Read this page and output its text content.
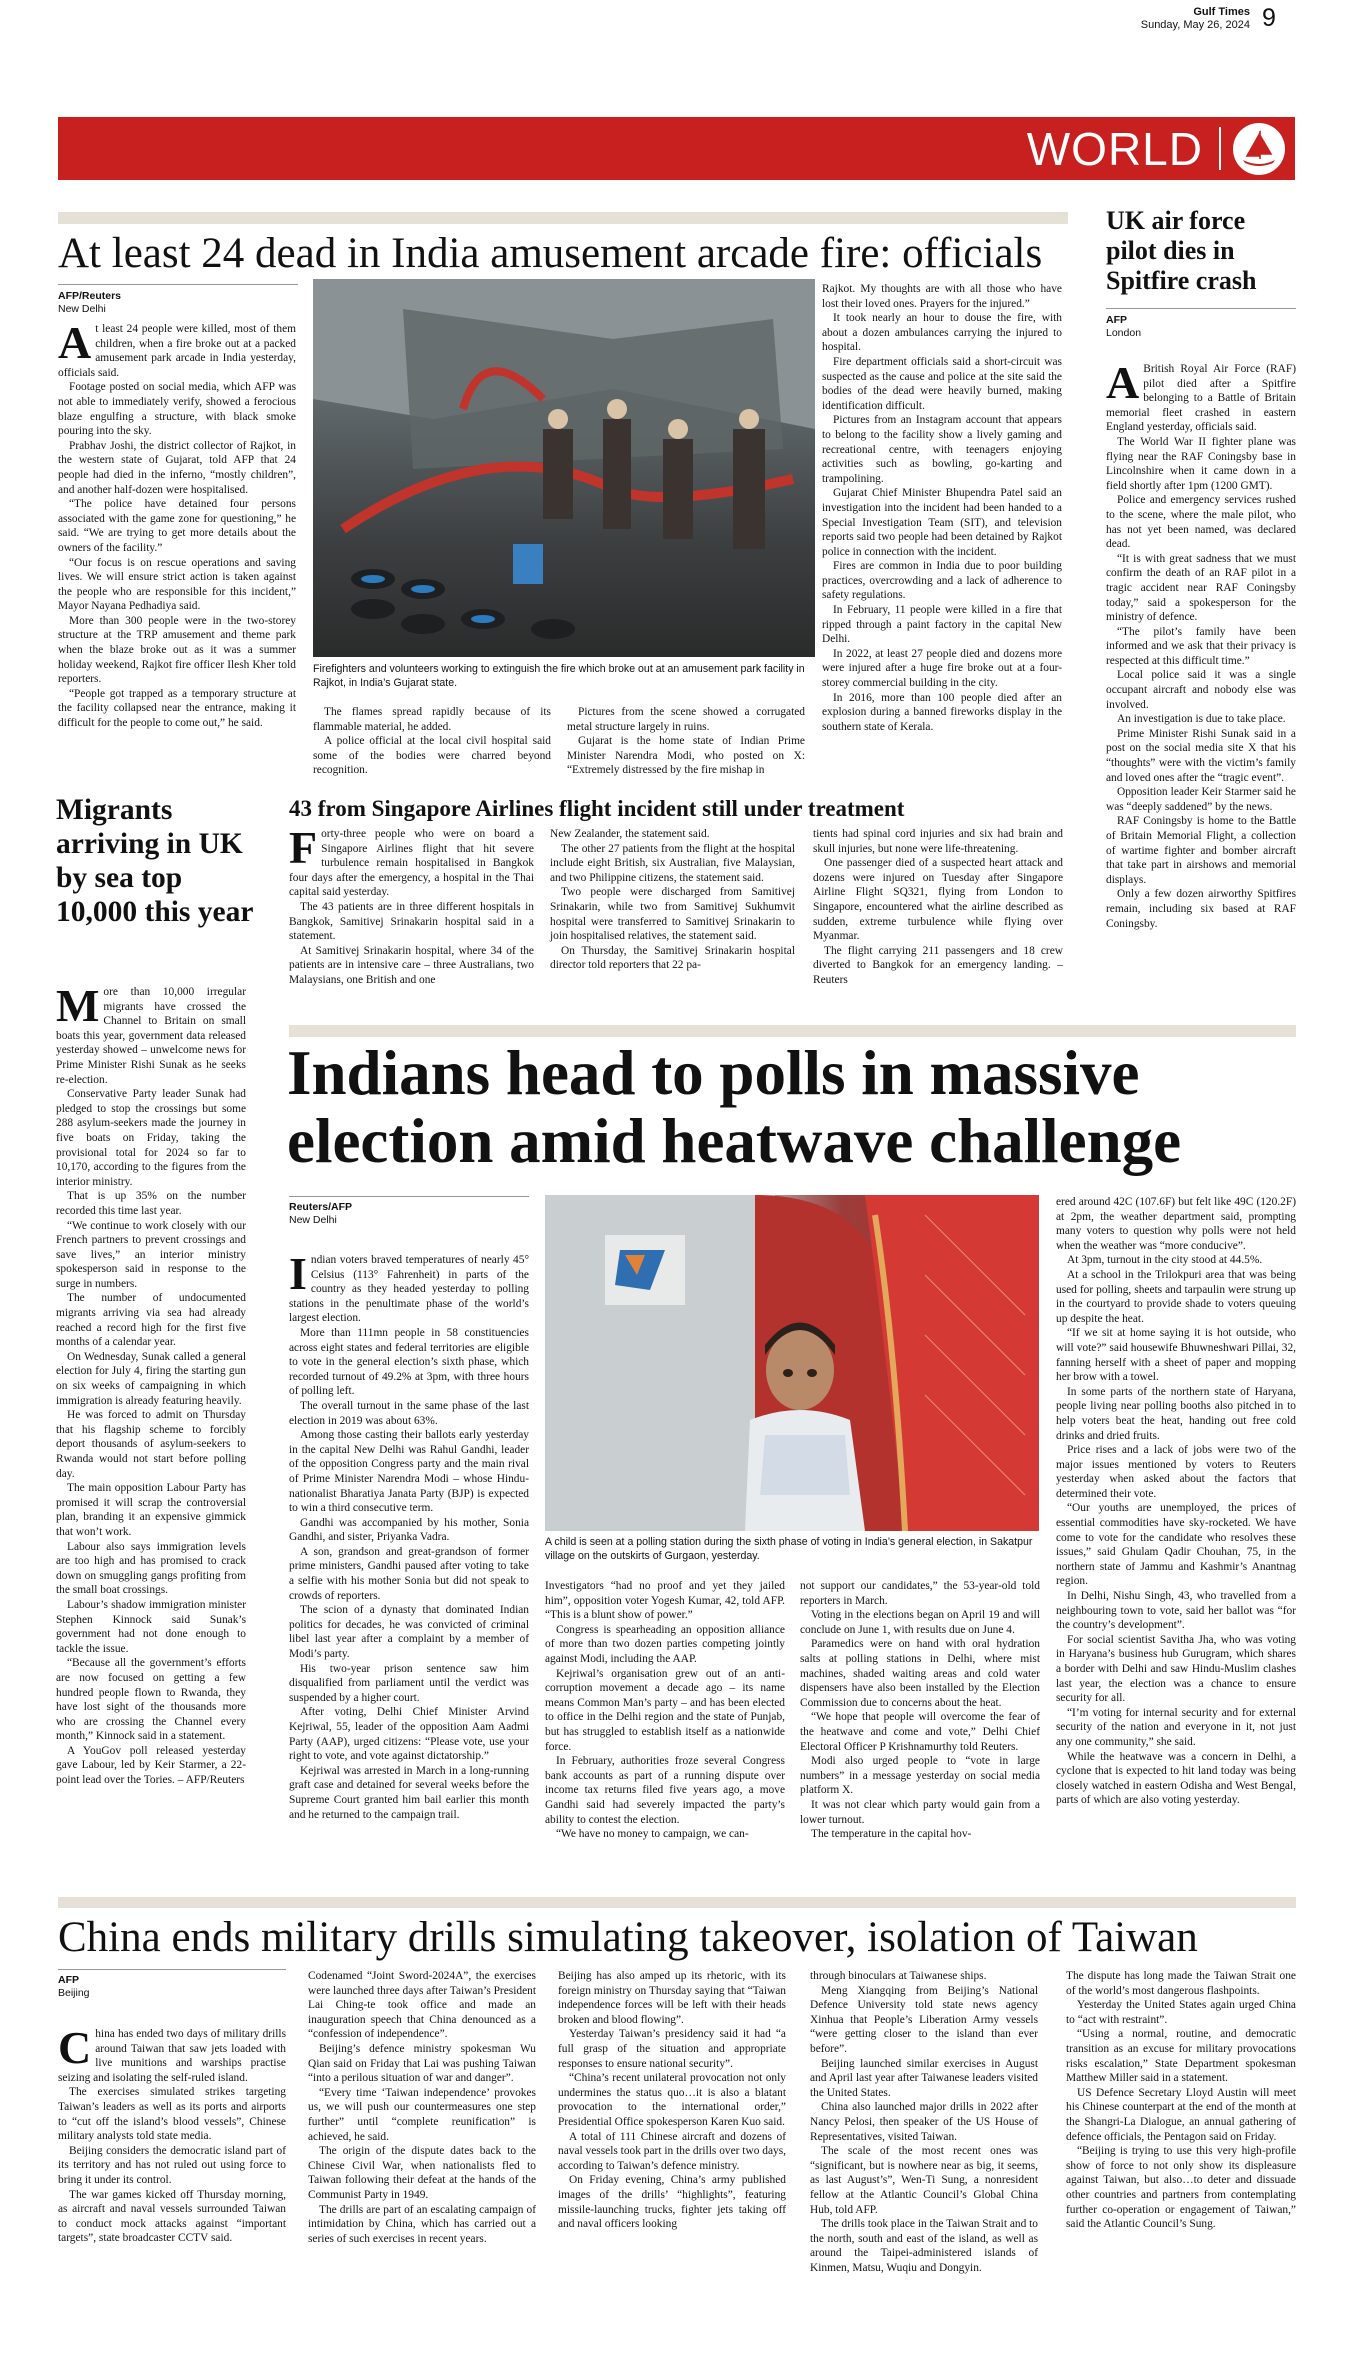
Gulf Times
Sunday, May 26, 2024 9
WORLD
At least 24 dead in India amusement arcade fire: officials
AFP/Reuters
New Delhi

At least 24 people were killed, most of them children, when a fire broke out at a packed amusement park arcade in India yesterday, officials said.

Footage posted on social media, which AFP was not able to immediately verify, showed a ferocious blaze engulfing a structure, with black smoke pouring into the sky.

Prabhav Joshi, the district collector of Rajkot, in the western state of Gujarat, told AFP that 24 people had died in the inferno, “mostly children”, and another half-dozen were hospitalised.

“The police have detained four persons associated with the game zone for questioning,” he said. “We are trying to get more details about the owners of the facility.”

“Our focus is on rescue operations and saving lives. We will ensure strict action is taken against the people who are responsible for this incident,” Mayor Nayana Pedhadiya said.

More than 300 people were in the two-storey structure at the TRP amusement and theme park when the blaze broke out as it was a summer holiday weekend, Rajkot fire officer Ilesh Kher told reporters.

“People got trapped as a temporary structure at the facility collapsed near the entrance, making it difficult for the people to come out,” he said.

Firefighters and volunteers working to extinguish the fire which broke out at an amusement park facility in Rajkot, in India’s Gujarat state.

The flames spread rapidly because of its flammable material, he added.

A police official at the local civil hospital said some of the bodies were charred beyond recognition.

Pictures from the scene showed a corrugated metal structure largely in ruins.

Gujarat is the home state of Indian Prime Minister Narendra Modi, who posted on X: “Extremely distressed by the fire mishap in

Rajkot. My thoughts are with all those who have lost their loved ones. Prayers for the injured.”

It took nearly an hour to douse the fire, with about a dozen ambulances carrying the injured to hospital.

Fire department officials said a short-circuit was suspected as the cause and police at the site said the bodies of the dead were heavily burned, making identification difficult.

Pictures from an Instagram account that appears to belong to the facility show a lively gaming and recreational centre, with teenagers enjoying activities such as bowling, go-karting and trampolining.

Gujarat Chief Minister Bhupendra Patel said an investigation into the incident had been handed to a Special Investigation Team (SIT), and television reports said two people had been detained by Rajkot police in connection with the incident.

Fires are common in India due to poor building practices, overcrowding and a lack of adherence to safety regulations.

In February, 11 people were killed in a fire that ripped through a paint factory in the capital New Delhi.

In 2022, at least 27 people died and dozens more were injured after a huge fire broke out at a four-storey commercial building in the city.

In 2016, more than 100 people died after an explosion during a banned fireworks display in the southern state of Kerala.

UK air force pilot dies in Spitfire crash
AFP
London

A British Royal Air Force (RAF) pilot died after a Spitfire belonging to a Battle of Britain memorial fleet crashed in eastern England yesterday, officials said.

The World War II fighter plane was flying near the RAF Coningsby base in Lincolnshire when it came down in a field shortly after 1pm (1200 GMT).

Police and emergency services rushed to the scene, where the male pilot, who has not yet been named, was declared dead.

“It is with great sadness that we must confirm the death of an RAF pilot in a tragic accident near RAF Coningsby today,” said a spokesperson for the ministry of defence.

“The pilot’s family have been informed and we ask that their privacy is respected at this difficult time.”

Local police said it was a single occupant aircraft and nobody else was involved.

An investigation is due to take place.

Prime Minister Rishi Sunak said in a post on the social media site X that his “thoughts” were with the victim’s family and loved ones after the “tragic event”.

Opposition leader Keir Starmer said he was “deeply saddened” by the news.

RAF Coningsby is home to the Battle of Britain Memorial Flight, a collection of wartime fighter and bomber aircraft that take part in airshows and memorial displays.

Only a few dozen airworthy Spitfires remain, including six based at RAF Coningsby.

Migrants arriving in UK by sea top 10,000 this year

More than 10,000 irregular migrants have crossed the Channel to Britain on small boats this year, government data released yesterday showed – unwelcome news for Prime Minister Rishi Sunak as he seeks re-election.

Conservative Party leader Sunak had pledged to stop the crossings but some 288 asylum-seekers made the journey in five boats on Friday, taking the provisional total for 2024 so far to 10,170, according to the figures from the interior ministry.

That is up 35% on the number recorded this time last year.

“We continue to work closely with our French partners to prevent crossings and save lives,” an interior ministry spokesperson said in response to the surge in numbers.

The number of undocumented migrants arriving via sea had already reached a record high for the first five months of a calendar year.

On Wednesday, Sunak called a general election for July 4, firing the starting gun on six weeks of campaigning in which immigration is already featuring heavily.

He was forced to admit on Thursday that his flagship scheme to forcibly deport thousands of asylum-seekers to Rwanda would not start before polling day.

The main opposition Labour Party has promised it will scrap the controversial plan, branding it an expensive gimmick that won’t work.

Labour also says immigration levels are too high and has promised to crack down on smuggling gangs profiting from the small boat crossings.

Labour’s shadow immigration minister Stephen Kinnock said Sunak’s government had not done enough to tackle the issue.

“Because all the government’s efforts are now focused on getting a few hundred people flown to Rwanda, they have lost sight of the thousands more who are crossing the Channel every month,” Kinnock said in a statement.

A YouGov poll released yesterday gave Labour, led by Keir Starmer, a 22-point lead over the Tories. – AFP/Reuters

43 from Singapore Airlines flight incident still under treatment

Forty-three people who were on board a Singapore Airlines flight that hit severe turbulence remain hospitalised in Bangkok four days after the emergency, a hospital in the Thai capital said yesterday.

The 43 patients are in three different hospitals in Bangkok, Samitivej Srinakarin hospital said in a statement.

At Samitivej Srinakarin hospital, where 34 of the patients are in intensive care – three Australians, two Malaysians, one British and one

New Zealander, the statement said.

The other 27 patients from the flight at the hospital include eight British, six Australian, five Malaysian, and two Philippine citizens, the statement said.

Two people were discharged from Samitivej Srinakarin, while two from Samitivej Sukhumvit hospital were transferred to Samitivej Srinakarin to join hospitalised relatives, the statement said.

On Thursday, the Samitivej Srinakarin hospital director told reporters that 22 pa-

tients had spinal cord injuries and six had brain and skull injuries, but none were life-threatening.

One passenger died of a suspected heart attack and dozens were injured on Tuesday after Singapore Airline Flight SQ321, flying from London to Singapore, encountered what the airline described as sudden, extreme turbulence while flying over Myanmar.

The flight carrying 211 passengers and 18 crew diverted to Bangkok for an emergency landing. – Reuters

Indians head to polls in massive
election amid heatwave challenge
Reuters/AFP
New Delhi

Indian voters braved temperatures of nearly 45° Celsius (113° Fahrenheit) in parts of the country as they headed yesterday to polling stations in the penultimate phase of the world’s largest election.

More than 111mn people in 58 constituencies across eight states and federal territories are eligible to vote in the general election’s sixth phase, which recorded turnout of 49.2% at 3pm, with three hours of polling left.

The overall turnout in the same phase of the last election in 2019 was about 63%.

Among those casting their ballots early yesterday in the capital New Delhi was Rahul Gandhi, leader of the opposition Congress party and the main rival of Prime Minister Narendra Modi – whose Hindu-nationalist Bharatiya Janata Party (BJP) is expected to win a third consecutive term.

Gandhi was accompanied by his mother, Sonia Gandhi, and sister, Priyanka Vadra.

A son, grandson and great-grandson of former prime ministers, Gandhi paused after voting to take a selfie with his mother Sonia but did not speak to crowds of reporters.

The scion of a dynasty that dominated Indian politics for decades, he was convicted of criminal libel last year after a complaint by a member of Modi’s party.

His two-year prison sentence saw him disqualified from parliament until the verdict was suspended by a higher court.

After voting, Delhi Chief Minister Arvind Kejriwal, 55, leader of the opposition Aam Aadmi Party (AAP), urged citizens: “Please vote, use your right to vote, and vote against dictatorship.”

Kejriwal was arrested in March in a long-running graft case and detained for several weeks before the Supreme Court granted him bail earlier this month and he returned to the campaign trail.

A child is seen at a polling station during the sixth phase of voting in India’s general election, in Sakatpur village on the outskirts of Gurgaon, yesterday.

Investigators “had no proof and yet they jailed him”, opposition voter Yogesh Kumar, 42, told AFP. “This is a blunt show of power.”

Congress is spearheading an opposition alliance of more than two dozen parties competing jointly against Modi, including the AAP.

Kejriwal’s organisation grew out of an anti-corruption movement a decade ago – its name means Common Man’s party – and has been elected to office in the Delhi region and the state of Punjab, but has struggled to establish itself as a nationwide force.

In February, authorities froze several Congress bank accounts as part of a running dispute over income tax returns filed five years ago, a move Gandhi said had severely impacted the party’s ability to contest the election.

“We have no money to campaign, we can-

not support our candidates,” the 53-year-old told reporters in March.

Voting in the elections began on April 19 and will conclude on June 1, with results due on June 4.

Paramedics were on hand with oral hydration salts at polling stations in Delhi, where mist machines, shaded waiting areas and cold water dispensers have also been installed by the Election Commission due to concerns about the heat.

“We hope that people will overcome the fear of the heatwave and come and vote,” Delhi Chief Electoral Officer P Krishnamurthy told Reuters.

Modi also urged people to “vote in large numbers” in a message yesterday on social media platform X.

It was not clear which party would gain from a lower turnout.

The temperature in the capital hov-

ered around 42C (107.6F) but felt like 49C (120.2F) at 2pm, the weather department said, prompting many voters to question why polls were not held when the weather was “more conducive”.

At 3pm, turnout in the city stood at 44.5%.

At a school in the Trilokpuri area that was being used for polling, sheets and tarpaulin were strung up in the courtyard to provide shade to voters queuing up despite the heat.

“If we sit at home saying it is hot outside, who will vote?” said housewife Bhuwneshwari Pillai, 32, fanning herself with a sheet of paper and mopping her brow with a towel.

In some parts of the northern state of Haryana, people living near polling booths also pitched in to help voters beat the heat, handing out free cold drinks and dried fruits.

Price rises and a lack of jobs were two of the major issues mentioned by voters to Reuters yesterday when asked about the factors that determined their vote.

“Our youths are unemployed, the prices of essential commodities have sky-rocketed. We have come to vote for the candidate who resolves these issues,” said Ghulam Qadir Chouhan, 75, in the northern state of Jammu and Kashmir’s Anantnag region.

In Delhi, Nishu Singh, 43, who travelled from a neighbouring town to vote, said her ballot was “for the country’s development”.

For social scientist Savitha Jha, who was voting in Haryana’s business hub Gurugram, which shares a border with Delhi and saw Hindu-Muslim clashes last year, the election was a chance to ensure security for all.

“I’m voting for internal security and for external security of the nation and everyone in it, not just any one community,” she said.

While the heatwave was a concern in Delhi, a cyclone that is expected to hit land today was being closely watched in eastern Odisha and West Bengal, parts of which are also voting yesterday.

China ends military drills simulating takeover, isolation of Taiwan
AFP
Beijing

China has ended two days of military drills around Taiwan that saw jets loaded with live munitions and warships practise seizing and isolating the self-ruled island.

The exercises simulated strikes targeting Taiwan’s leaders as well as its ports and airports to “cut off the island’s blood vessels”, Chinese military analysts told state media.

Beijing considers the democratic island part of its territory and has not ruled out using force to bring it under its control.

The war games kicked off Thursday morning, as aircraft and naval vessels surrounded Taiwan to conduct mock attacks against “important targets”, state broadcaster CCTV said.

Codenamed “Joint Sword-2024A”, the exercises were launched three days after Taiwan’s President Lai Ching-te took office and made an inauguration speech that China denounced as a “confession of independence”.

Beijing’s defence ministry spokesman Wu Qian said on Friday that Lai was pushing Taiwan “into a perilous situation of war and danger”.

“Every time ‘Taiwan independence’ provokes us, we will push our countermeasures one step further” until “complete reunification” is achieved, he said.

The origin of the dispute dates back to the Chinese Civil War, when nationalists fled to Taiwan following their defeat at the hands of the Communist Party in 1949.

The drills are part of an escalating campaign of intimidation by China, which has carried out a series of such exercises in recent years.

Beijing has also amped up its rhetoric, with its foreign ministry on Thursday saying that “Taiwan independence forces will be left with their heads broken and blood flowing”.

Yesterday Taiwan’s presidency said it had “a full grasp of the situation and appropriate responses to ensure national security”.

“China’s recent unilateral provocation not only undermines the status quo…it is also a blatant provocation to the international order,” Presidential Office spokesperson Karen Kuo said.

A total of 111 Chinese aircraft and dozens of naval vessels took part in the drills over two days, according to Taiwan’s defence ministry.

On Friday evening, China’s army published images of the drills’ “highlights”, featuring missile-launching trucks, fighter jets taking off and naval officers looking

through binoculars at Taiwanese ships.

Meng Xiangqing from Beijing’s National Defence University told state news agency Xinhua that People’s Liberation Army vessels “were getting closer to the island than ever before”.

Beijing launched similar exercises in August and April last year after Taiwanese leaders visited the United States.

China also launched major drills in 2022 after Nancy Pelosi, then speaker of the US House of Representatives, visited Taiwan.

The scale of the most recent ones was “significant, but is nowhere near as big, it seems, as last August’s”, Wen-Ti Sung, a nonresident fellow at the Atlantic Council’s Global China Hub, told AFP.

The drills took place in the Taiwan Strait and to the north, south and east of the island, as well as around the Taipei-administered islands of Kinmen, Matsu, Wuqiu and Dongyin.

The dispute has long made the Taiwan Strait one of the world’s most dangerous flashpoints.

Yesterday the United States again urged China to “act with restraint”.

“Using a normal, routine, and democratic transition as an excuse for military provocations risks escalation,” State Department spokesman Matthew Miller said in a statement.

US Defence Secretary Lloyd Austin will meet his Chinese counterpart at the end of the month at the Shangri-La Dialogue, an annual gathering of defence officials, the Pentagon said on Friday.

“Beijing is trying to use this very high-profile show of force to not only show its displeasure against Taiwan, but also…to deter and dissuade other countries and partners from contemplating further co-operation or engagement of Taiwan,” said the Atlantic Council’s Sung.
